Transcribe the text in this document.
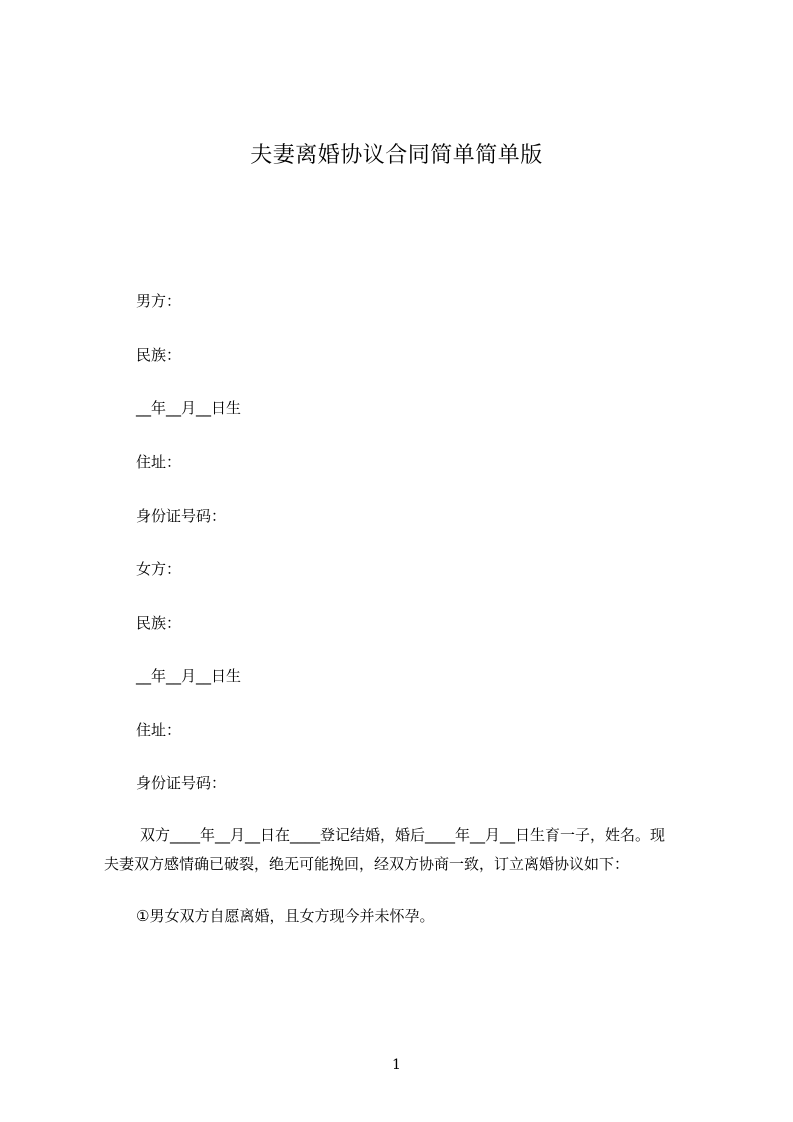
夫妻离婚协议合同简单简单版
男方：
民族：
__年__月__日生
住址：
身份证号码：
女方：
民族：
__年__月__日生
住址：
身份证号码：
双方____年__月__日在____登记结婚，婚后____年__月__日生育一子，姓名。现
夫妻双方感情确已破裂，绝无可能挽回，经双方协商一致，订立离婚协议如下：
①男女双方自愿离婚，且女方现今并未怀孕。
1
